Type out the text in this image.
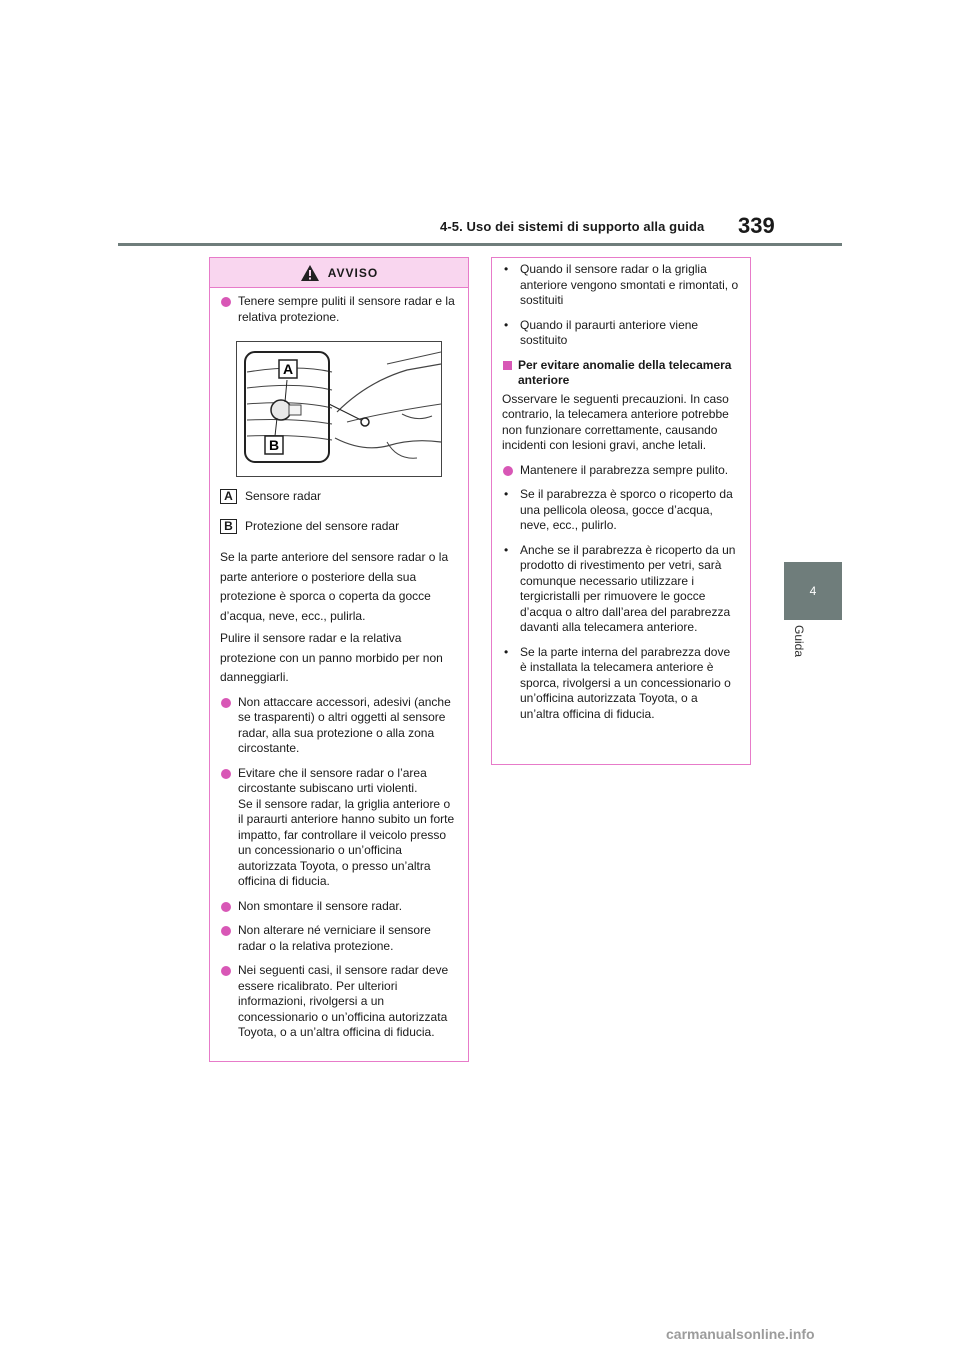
4-5. Uso dei sistemi di supporto alla guida 339
4
Guida
AVVISO
Tenere sempre puliti il sensore radar e la relativa protezione.
A
B
A	Sensore radar
B	Protezione del sensore radar
Se la parte anteriore del sensore radar o la parte anteriore o posteriore della sua protezione è sporca o coperta da gocce d’acqua, neve, ecc., pulirla.
Pulire il sensore radar e la relativa protezione con un panno morbido per non danneggiarli.
Non attaccare accessori, adesivi (anche se trasparenti) o altri oggetti al sensore radar, alla sua protezione o alla zona circostante.
Evitare che il sensore radar o l’area circostante subiscano urti violenti.
Se il sensore radar, la griglia anteriore o il paraurti anteriore hanno subito un forte impatto, far controllare il veicolo presso un concessionario o un’officina autorizzata Toyota, o presso un’altra officina di fiducia.
Non smontare il sensore radar.
Non alterare né verniciare il sensore radar o la relativa protezione.
Nei seguenti casi, il sensore radar deve essere ricalibrato. Per ulteriori informazioni, rivolgersi a un concessionario o un’officina autorizzata Toyota, o a un’altra officina di fiducia.
• Quando il sensore radar o la griglia anteriore vengono smontati e rimontati, o sostituiti
• Quando il paraurti anteriore viene sostituito
Per evitare anomalie della telecamera anteriore
Osservare le seguenti precauzioni. In caso contrario, la telecamera anteriore potrebbe non funzionare correttamente, causando incidenti con lesioni gravi, anche letali.
Mantenere il parabrezza sempre pulito.
• Se il parabrezza è sporco o ricoperto da una pellicola oleosa, gocce d’acqua, neve, ecc., pulirlo.
• Anche se il parabrezza è ricoperto da un prodotto di rivestimento per vetri, sarà comunque necessario utilizzare i tergicristalli per rimuovere le gocce d’acqua o altro dall’area del parabrezza davanti alla telecamera anteriore.
• Se la parte interna del parabrezza dove è installata la telecamera anteriore è sporca, rivolgersi a un concessionario o un’officina autorizzata Toyota, o a un’altra officina di fiducia.
carmanualsonline.info
